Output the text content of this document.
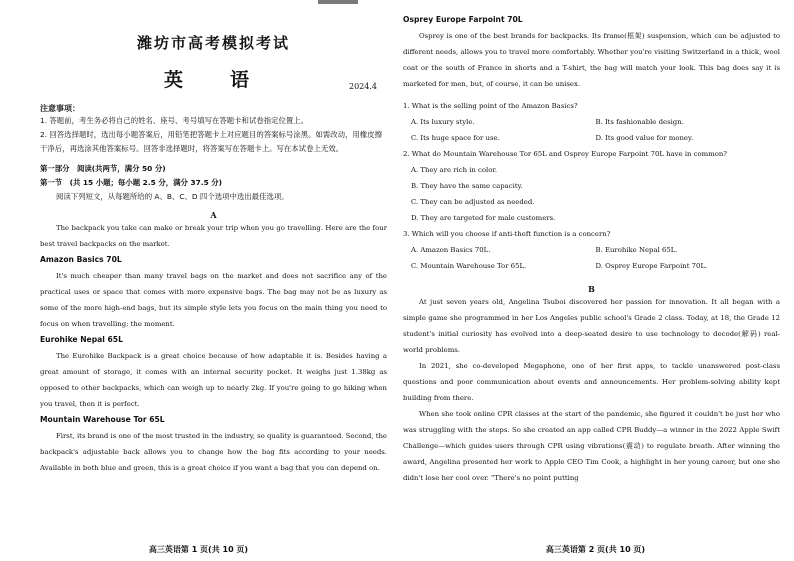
潍坊市高考模拟考试
英　语	2024.4
注意事项：
1. 答题前，考生务必将自己的姓名、座号、考号填写在答题卡和试卷指定位置上。
2. 回答选择题时，选出每小题答案后，用铅笔把答题卡上对应题目的答案标号涂黑。如需改动，用橡皮擦干净后，再选涂其他答案标号。回答非选择题时，将答案写在答题卡上。写在本试卷上无效。
第一部分　阅读(共两节，满分 50 分)
第一节　(共 15 小题；每小题 2.5 分，满分 37.5 分)
阅读下列短文，从每题所给的 A、B、C、D 四个选项中选出最佳选项。
A

The backpack you take can make or break your trip when you go travelling. Here are the four best travel backpacks on the market.

Amazon Basics 70L

It's much cheaper than many travel bags on the market and does not sacrifice any of the practical uses or space that comes with more expensive bags. The bag may not be as luxury as some of the more high-end bags, but its simple style lets you focus on the main thing you need to focus on when travelling: the moment.

Eurohike Nepal 65L

The Eurohike Backpack is a great choice because of how adaptable it is. Besides having a great amount of storage, it comes with an internal security pocket. It weighs just 1.38kg as opposed to other backpacks, which can weigh up to nearly 2kg. If you're going to go hiking when you travel, then it is perfect.

Mountain Warehouse Tor 65L

First, its brand is one of the most trusted in the industry, so quality is guaranteed. Second, the backpack's adjustable back allows you to change how the bag fits according to your needs. Available in both blue and green, this is a great choice if you want a bag that you can depend on.

高三英语第 1 页(共 10 页)
Osprey Europe Farpoint 70L

Osprey is one of the best brands for backpacks. Its frame(框架) suspension, which can be adjusted to different needs, allows you to travel more comfortably. Whether you're visiting Switzerland in a thick, wool coat or the south of France in shorts and a T-shirt, the bag will match your look. This bag does say it is marketed for men, but, of course, it can be unisex.

1. What is the selling point of the Amazon Basics?
A. Its luxury style.	B. Its fashionable design.
C. Its huge space for use.	D. Its good value for money.
2. What do Mountain Warehouse Tor 65L and Osprey Europe Farpoint 70L have in common?
A. They are rich in color.
B. They have the same capacity.
C. They can be adjusted as needed.
D. They are targeted for male customers.
3. Which will you choose if anti-theft function is a concern?
A. Amazon Basics 70L.	B. Eurohike Nepal 65L.
C. Mountain Warehouse Tor 65L.	D. Osprey Europe Farpoint 70L.
B

At just seven years old, Angelina Tsuboi discovered her passion for innovation. It all began with a simple game she programmed in her Los Angeles public school's Grade 2 class. Today, at 18, the Grade 12 student's initial curiosity has evolved into a deep-seated desire to use technology to decode(解码) real-world problems.

In 2021, she co-developed Megaphone, one of her first apps, to tackle unanswered post-class questions and poor communication about events and announcements. Her problem-solving ability kept building from there.

When she took online CPR classes at the start of the pandemic, she figured it couldn't be just her who was struggling with the steps. So she created an app called CPR Buddy—a winner in the 2022 Apple Swift Challenge—which guides users through CPR using vibrations(震动) to regulate breath. After winning the award, Angelina presented her work to Apple CEO Tim Cook, a highlight in her young career, but one she didn't lose her cool over. "There's no point putting

高三英语第 2 页(共 10 页)
